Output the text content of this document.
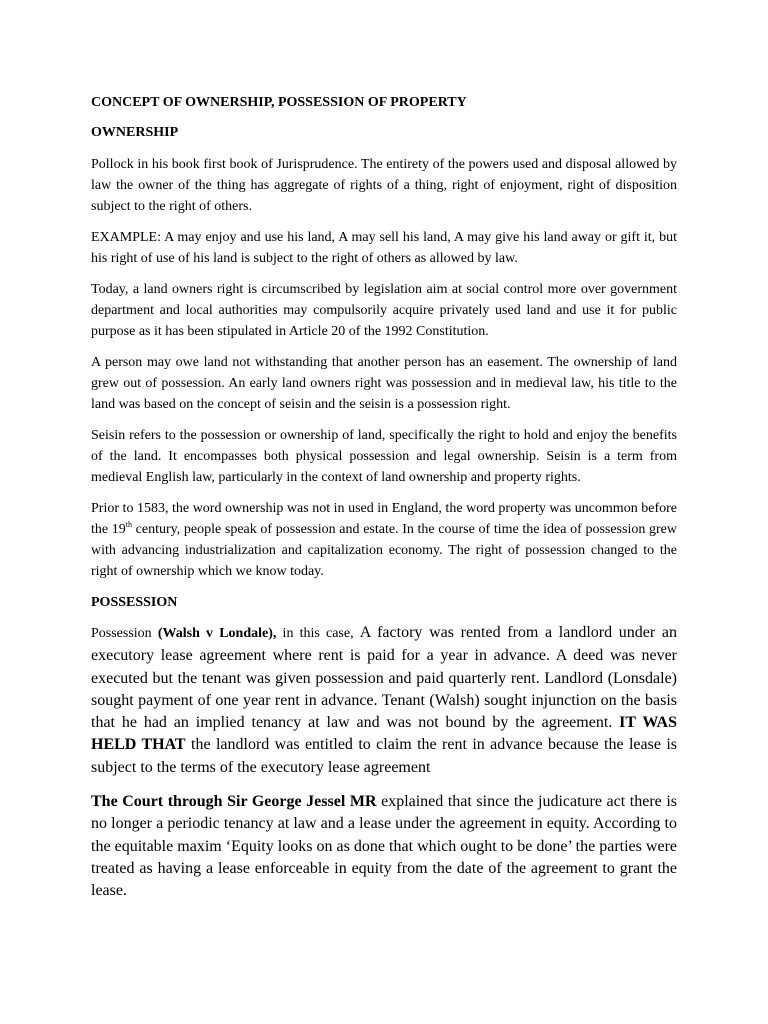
CONCEPT OF OWNERSHIP, POSSESSION OF PROPERTY

OWNERSHIP

Pollock in his book first book of Jurisprudence. The entirety of the powers used and disposal allowed by law the owner of the thing has aggregate of rights of a thing, right of enjoyment, right of disposition subject to the right of others.

EXAMPLE: A may enjoy and use his land, A may sell his land, A may give his land away or gift it, but his right of use of his land is subject to the right of others as allowed by law.

Today, a land owners right is circumscribed by legislation aim at social control more over government department and local authorities may compulsorily acquire privately used land and use it for public purpose as it has been stipulated in Article 20 of the 1992 Constitution.

A person may owe land not withstanding that another person has an easement. The ownership of land grew out of possession. An early land owners right was possession and in medieval law, his title to the land was based on the concept of seisin and the seisin is a possession right.

Seisin refers to the possession or ownership of land, specifically the right to hold and enjoy the benefits of the land. It encompasses both physical possession and legal ownership. Seisin is a term from medieval English law, particularly in the context of land ownership and property rights.

Prior to 1583, the word ownership was not in used in England, the word property was uncommon before the 19th century, people speak of possession and estate. In the course of time the idea of possession grew with advancing industrialization and capitalization economy. The right of possession changed to the right of ownership which we know today.

POSSESSION

Possession (Walsh v Londale), in this case, A factory was rented from a landlord under an executory lease agreement where rent is paid for a year in advance. A deed was never executed but the tenant was given possession and paid quarterly rent. Landlord (Lonsdale) sought payment of one year rent in advance. Tenant (Walsh) sought injunction on the basis that he had an implied tenancy at law and was not bound by the agreement. IT WAS HELD THAT the landlord was entitled to claim the rent in advance because the lease is subject to the terms of the executory lease agreement

The Court through Sir George Jessel MR explained that since the judicature act there is no longer a periodic tenancy at law and a lease under the agreement in equity. According to the equitable maxim ‘Equity looks on as done that which ought to be done’ the parties were treated as having a lease enforceable in equity from the date of the agreement to grant the lease.
